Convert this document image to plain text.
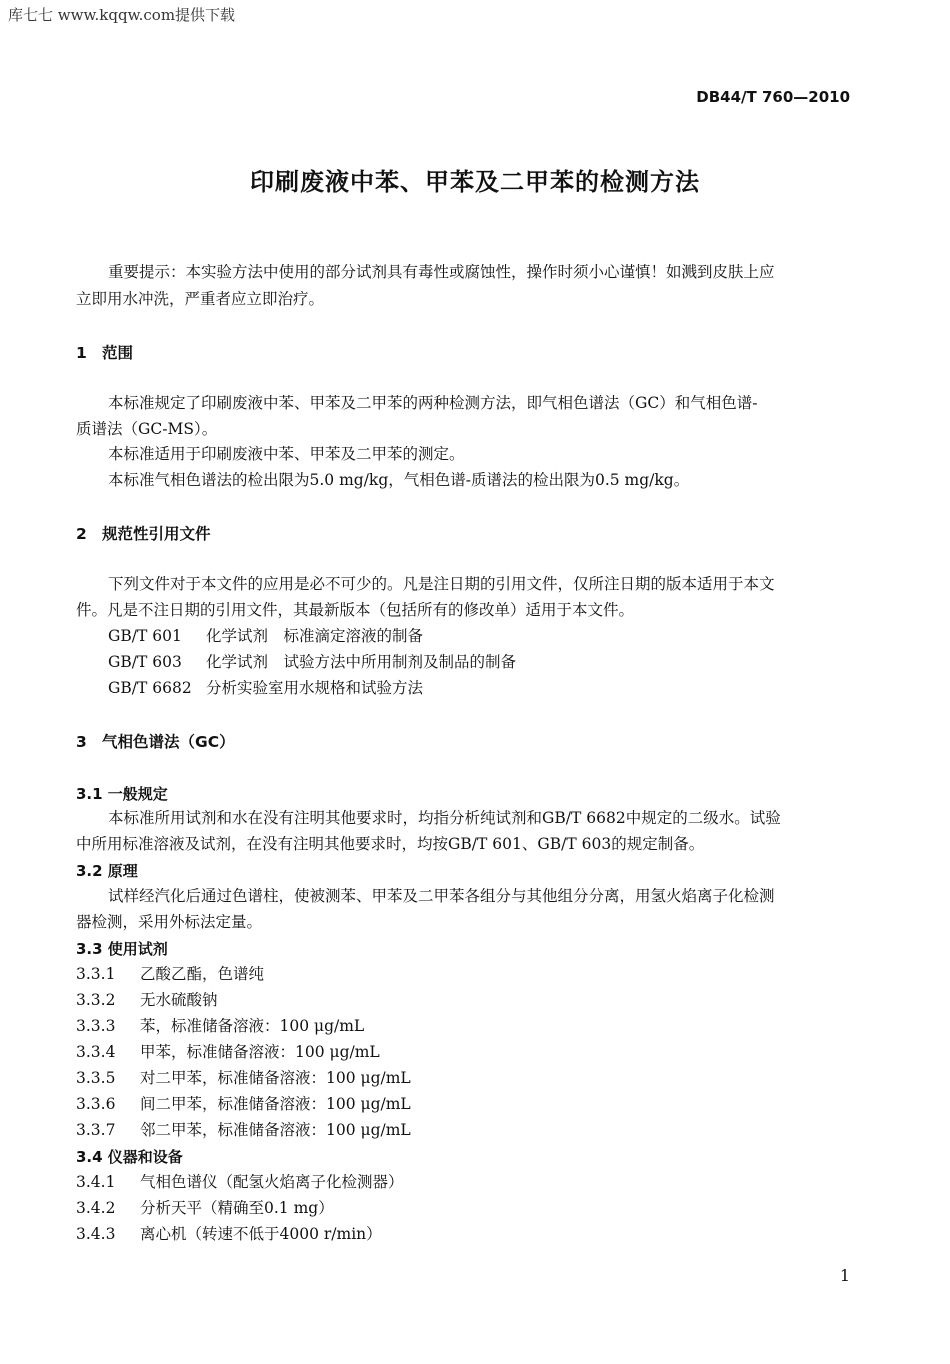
库七七 www.kqqw.com提供下载
DB44/T 760—2010
印刷废液中苯、甲苯及二甲苯的检测方法
重要提示：本实验方法中使用的部分试剂具有毒性或腐蚀性，操作时须小心谨慎！如溅到皮肤上应
立即用水冲洗，严重者应立即治疗。
1 范围
本标准规定了印刷废液中苯、甲苯及二甲苯的两种检测方法，即气相色谱法（GC）和气相色谱-
质谱法（GC-MS）。
本标准适用于印刷废液中苯、甲苯及二甲苯的测定。
本标准气相色谱法的检出限为5.0 mg/kg，气相色谱-质谱法的检出限为0.5 mg/kg。
2 规范性引用文件
下列文件对于本文件的应用是必不可少的。凡是注日期的引用文件，仅所注日期的版本适用于本文
件。凡是不注日期的引用文件，其最新版本（包括所有的修改单）适用于本文件。
GB/T 601 化学试剂　标准滴定溶液的制备
GB/T 603 化学试剂　试验方法中所用制剂及制品的制备
GB/T 6682 分析实验室用水规格和试验方法
3 气相色谱法（GC）
3.1 一般规定
本标准所用试剂和水在没有注明其他要求时，均指分析纯试剂和GB/T 6682中规定的二级水。试验
中所用标准溶液及试剂，在没有注明其他要求时，均按GB/T 601、GB/T 603的规定制备。
3.2 原理
试样经汽化后通过色谱柱，使被测苯、甲苯及二甲苯各组分与其他组分分离，用氢火焰离子化检测
器检测，采用外标法定量。
3.3 使用试剂
3.3.1 乙酸乙酯，色谱纯
3.3.2 无水硫酸钠
3.3.3 苯，标准储备溶液：100 μg/mL
3.3.4 甲苯，标准储备溶液：100 μg/mL
3.3.5 对二甲苯，标准储备溶液：100 μg/mL
3.3.6 间二甲苯，标准储备溶液：100 μg/mL
3.3.7 邻二甲苯，标准储备溶液：100 μg/mL
3.4 仪器和设备
3.4.1 气相色谱仪（配氢火焰离子化检测器）
3.4.2 分析天平（精确至0.1 mg）
3.4.3 离心机（转速不低于4000 r/min）
1
